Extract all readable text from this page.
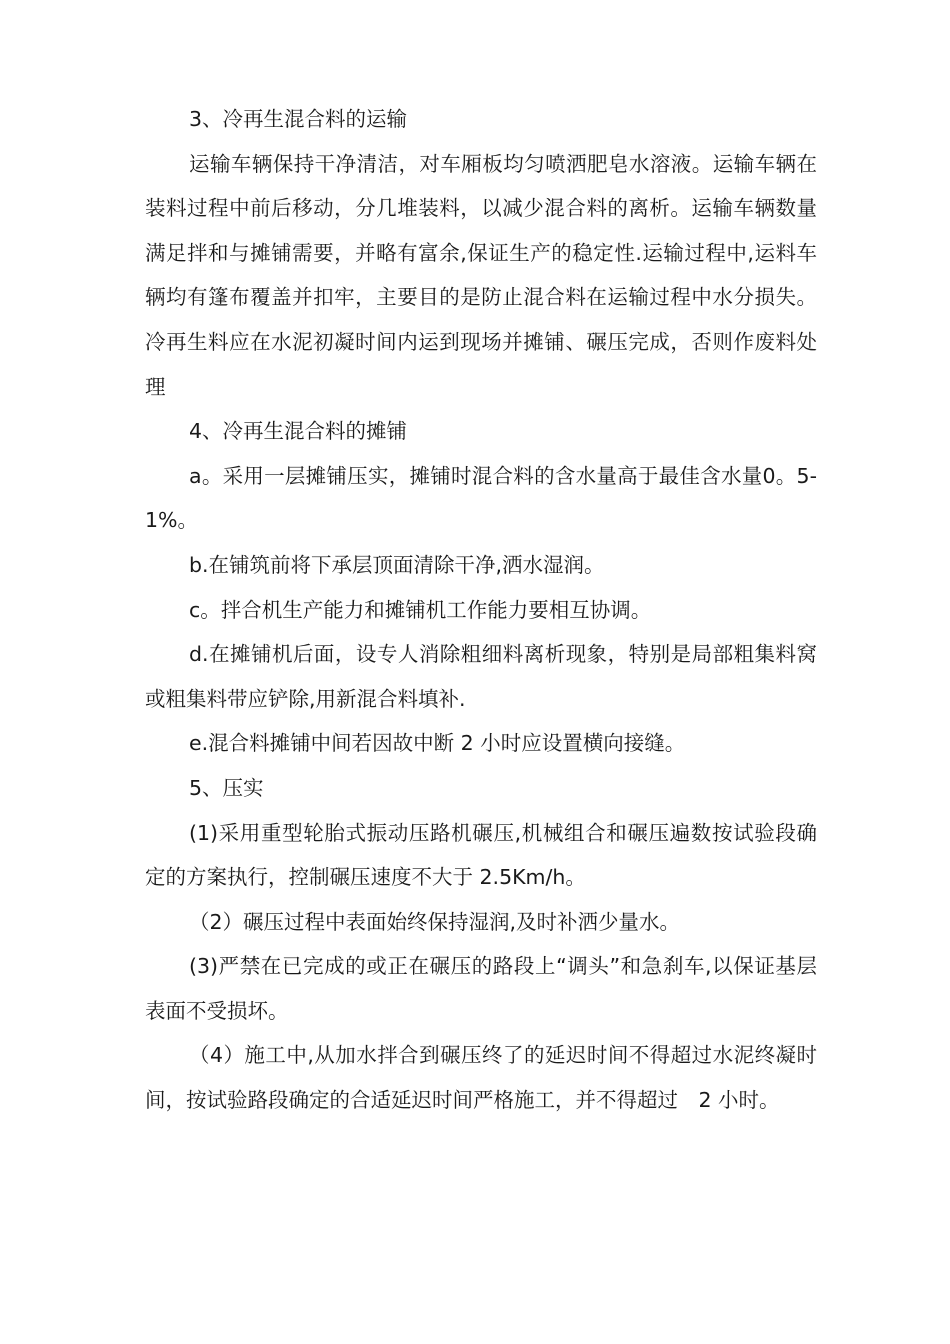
3、冷再生混合料的运输

运输车辆保持干净清洁，对车厢板均匀喷洒肥皂水溶液。运输车辆在装料过程中前后移动，分几堆装料，以减少混合料的离析。运输车辆数量满足拌和与摊铺需要，并略有富余,保证生产的稳定性.运输过程中,运料车辆均有篷布覆盖并扣牢，主要目的是防止混合料在运输过程中水分损失。冷再生料应在水泥初凝时间内运到现场并摊铺、碾压完成，否则作废料处理

4、冷再生混合料的摊铺

a。采用一层摊铺压实，摊铺时混合料的含水量高于最佳含水量0。5-1%。

b.在铺筑前将下承层顶面清除干净,洒水湿润。

c。拌合机生产能力和摊铺机工作能力要相互协调。

d.在摊铺机后面，设专人消除粗细料离析现象，特别是局部粗集料窝或粗集料带应铲除,用新混合料填补.

e.混合料摊铺中间若因故中断 2 小时应设置横向接缝。

5、压实

(1)采用重型轮胎式振动压路机碾压,机械组合和碾压遍数按试验段确定的方案执行，控制碾压速度不大于 2.5Km/h。

（2）碾压过程中表面始终保持湿润,及时补洒少量水。

(3)严禁在已完成的或正在碾压的路段上“调头”和急刹车,以保证基层表面不受损坏。

（4）施工中,从加水拌合到碾压终了的延迟时间不得超过水泥终凝时间，按试验路段确定的合适延迟时间严格施工，并不得超过　2 小时。
